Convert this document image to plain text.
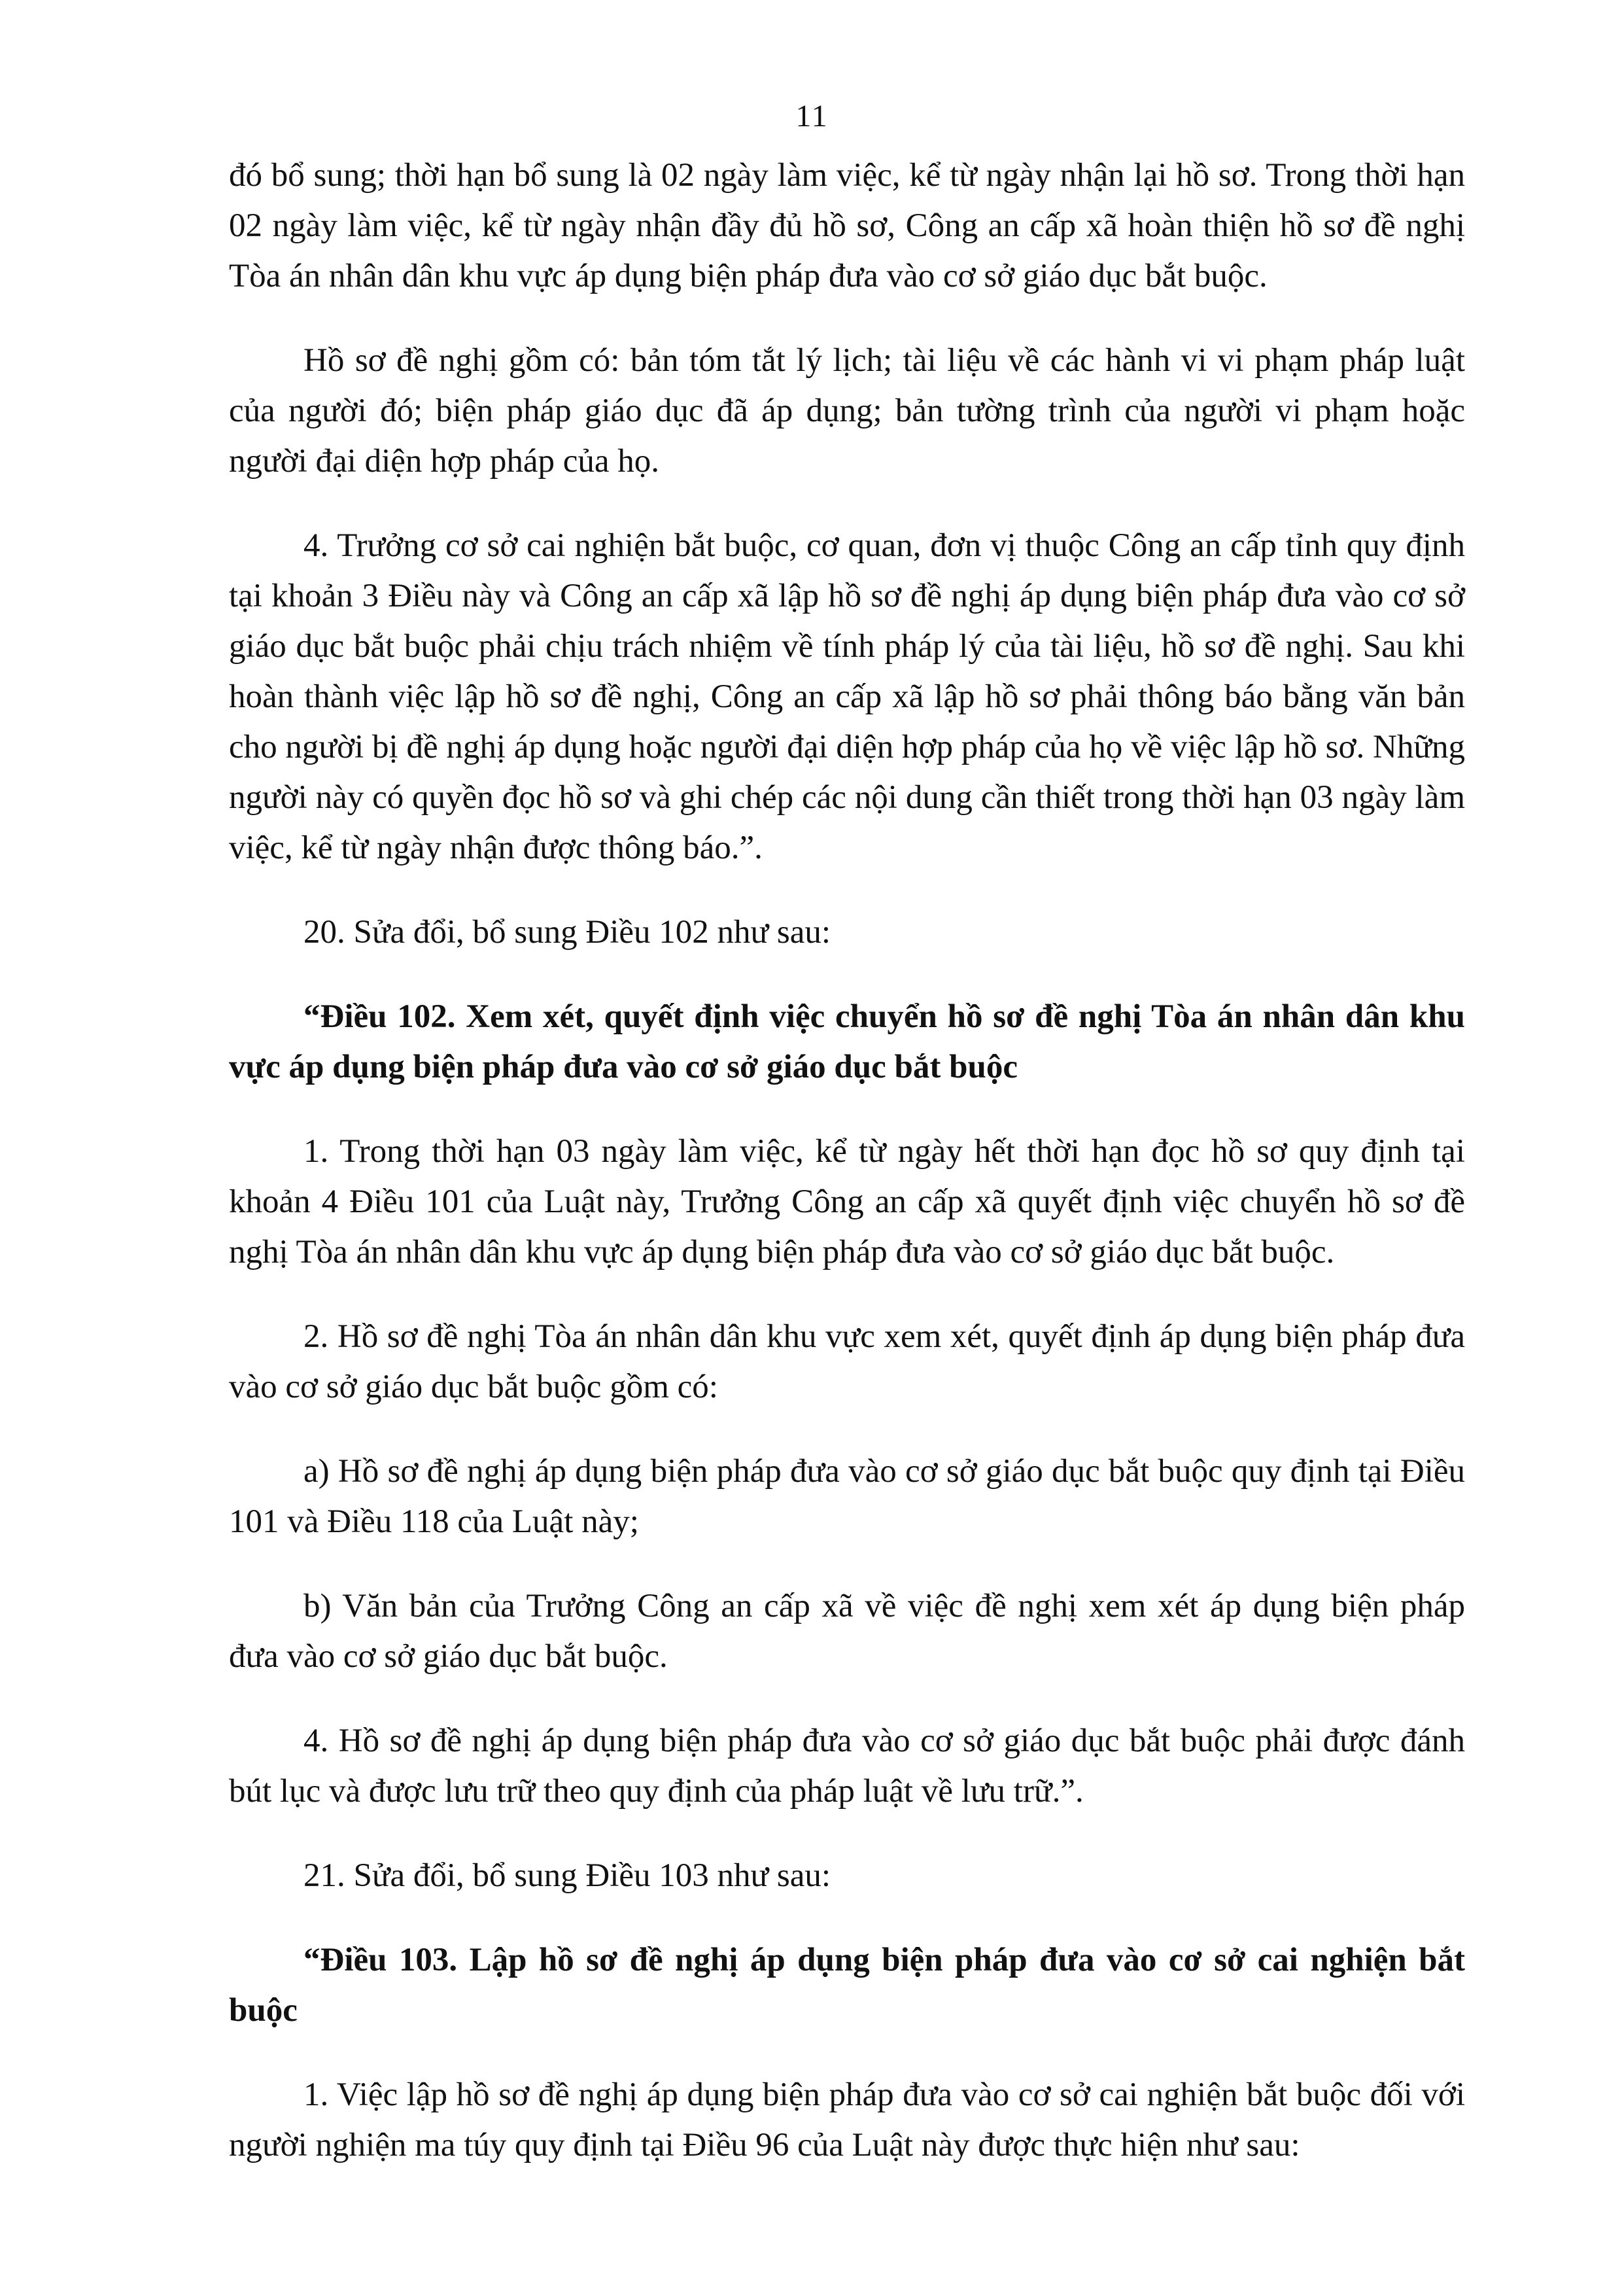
11

đó bổ sung; thời hạn bổ sung là 02 ngày làm việc, kể từ ngày nhận lại hồ sơ. Trong thời hạn 02 ngày làm việc, kể từ ngày nhận đầy đủ hồ sơ, Công an cấp xã hoàn thiện hồ sơ đề nghị Tòa án nhân dân khu vực áp dụng biện pháp đưa vào cơ sở giáo dục bắt buộc.

Hồ sơ đề nghị gồm có: bản tóm tắt lý lịch; tài liệu về các hành vi vi phạm pháp luật của người đó; biện pháp giáo dục đã áp dụng; bản tường trình của người vi phạm hoặc người đại diện hợp pháp của họ.

4. Trưởng cơ sở cai nghiện bắt buộc, cơ quan, đơn vị thuộc Công an cấp tỉnh quy định tại khoản 3 Điều này và Công an cấp xã lập hồ sơ đề nghị áp dụng biện pháp đưa vào cơ sở giáo dục bắt buộc phải chịu trách nhiệm về tính pháp lý của tài liệu, hồ sơ đề nghị. Sau khi hoàn thành việc lập hồ sơ đề nghị, Công an cấp xã lập hồ sơ phải thông báo bằng văn bản cho người bị đề nghị áp dụng hoặc người đại diện hợp pháp của họ về việc lập hồ sơ. Những người này có quyền đọc hồ sơ và ghi chép các nội dung cần thiết trong thời hạn 03 ngày làm việc, kể từ ngày nhận được thông báo.”.

20. Sửa đổi, bổ sung Điều 102 như sau:

“Điều 102. Xem xét, quyết định việc chuyển hồ sơ đề nghị Tòa án nhân dân khu vực áp dụng biện pháp đưa vào cơ sở giáo dục bắt buộc

1. Trong thời hạn 03 ngày làm việc, kể từ ngày hết thời hạn đọc hồ sơ quy định tại khoản 4 Điều 101 của Luật này, Trưởng Công an cấp xã quyết định việc chuyển hồ sơ đề nghị Tòa án nhân dân khu vực áp dụng biện pháp đưa vào cơ sở giáo dục bắt buộc.

2. Hồ sơ đề nghị Tòa án nhân dân khu vực xem xét, quyết định áp dụng biện pháp đưa vào cơ sở giáo dục bắt buộc gồm có:

a) Hồ sơ đề nghị áp dụng biện pháp đưa vào cơ sở giáo dục bắt buộc quy định tại Điều 101 và Điều 118 của Luật này;

b) Văn bản của Trưởng Công an cấp xã về việc đề nghị xem xét áp dụng biện pháp đưa vào cơ sở giáo dục bắt buộc.

4. Hồ sơ đề nghị áp dụng biện pháp đưa vào cơ sở giáo dục bắt buộc phải được đánh bút lục và được lưu trữ theo quy định của pháp luật về lưu trữ.”.

21. Sửa đổi, bổ sung Điều 103 như sau:

“Điều 103. Lập hồ sơ đề nghị áp dụng biện pháp đưa vào cơ sở cai nghiện bắt buộc

1. Việc lập hồ sơ đề nghị áp dụng biện pháp đưa vào cơ sở cai nghiện bắt buộc đối với người nghiện ma túy quy định tại Điều 96 của Luật này được thực hiện như sau:
